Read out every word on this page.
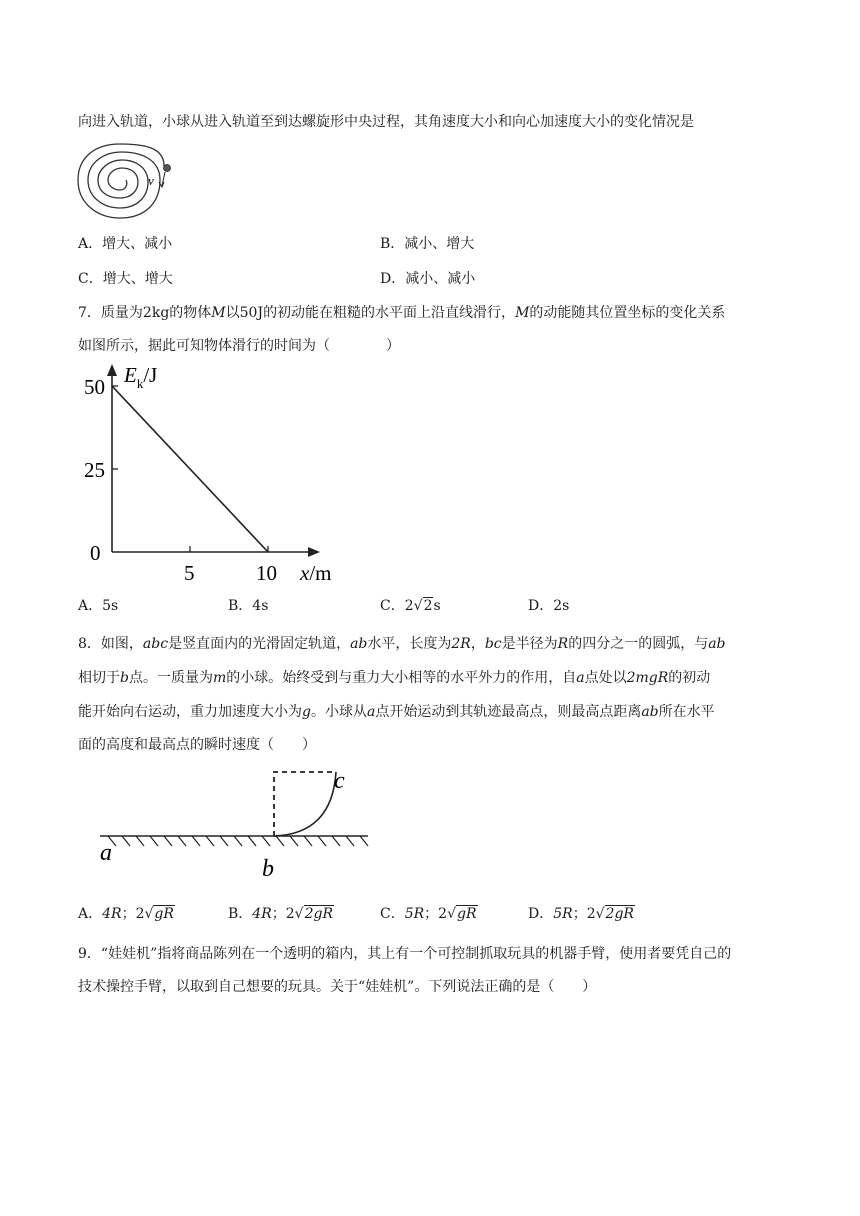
向进入轨道，小球从进入轨道至到达螺旋形中央过程，其角速度大小和向心加速度大小的变化情况是
v
A．增大、减小	B．减小、增大
C．增大、增大	D．减小、减小
7．质量为2kg的物体M以50J的初动能在粗糙的水平面上沿直线滑行，M的动能随其位置坐标的变化关系
如图所示，据此可知物体滑行的时间为（　　　　）
$E_k/J$
x/m
50
25
0
5	10
A．5s	B．4s	C．2√2s	D．2s
8．如图，abc是竖直面内的光滑固定轨道，ab水平，长度为2R，bc是半径为R的四分之一的圆弧，与ab
相切于b点。一质量为m的小球。始终受到与重力大小相等的水平外力的作用，自a点处以2mgR的初动
能开始向右运动，重力加速度大小为g。小球从a点开始运动到其轨迹最高点，则最高点距离ab所在水平
面的高度和最高点的瞬时速度（　　）
a
b
c
A．4R；2√gR	B．4R；2√2gR	C．5R；2√gR	D．5R；2√2gR
9．“娃娃机”指将商品陈列在一个透明的箱内，其上有一个可控制抓取玩具的机器手臂，使用者要凭自己的
技术操控手臂，以取到自己想要的玩具。关于“娃娃机”。下列说法正确的是（　　）
